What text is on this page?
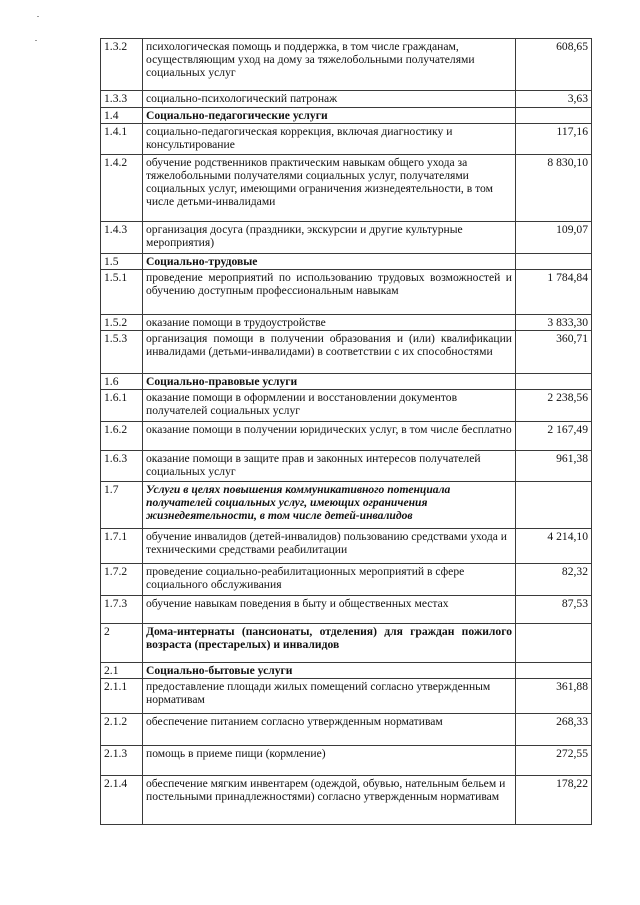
1.3.2	психологическая помощь и поддержка, в том числе гражданам, осуществляющим уход на дому за тяжелобольными получателями социальных услуг	608,65
1.3.3	социально-психологический патронаж	3,63
1.4	Социально-педагогические услуги	
1.4.1	социально-педагогическая коррекция, включая диагностику и консультирование	117,16
1.4.2	обучение родственников практическим навыкам общего ухода за тяжелобольными получателями социальных услуг, получателями социальных услуг, имеющими ограничения жизнедеятельности, в том числе детьми-инвалидами	8 830,10
1.4.3	организация досуга (праздники, экскурсии и другие культурные мероприятия)	109,07
1.5	Социально-трудовые	
1.5.1	проведение мероприятий по использованию трудовых возможностей и обучению доступным профессиональным навыкам	1 784,84
1.5.2	оказание помощи в трудоустройстве	3 833,30
1.5.3	организация помощи в получении образования и (или) квалификации инвалидами (детьми-инвалидами) в соответствии с их способностями	360,71
1.6	Социально-правовые услуги	
1.6.1	оказание помощи в оформлении и восстановлении документов получателей социальных услуг	2 238,56
1.6.2	оказание помощи в получении юридических услуг, в том числе бесплатно	2 167,49
1.6.3	оказание помощи в защите прав и законных интересов получателей социальных услуг	961,38
1.7	Услуги в целях повышения коммуникативного потенциала получателей социальных услуг, имеющих ограничения жизнедеятельности, в том числе детей-инвалидов	
1.7.1	обучение инвалидов (детей-инвалидов) пользованию средствами ухода и техническими средствами реабилитации	4 214,10
1.7.2	проведение социально-реабилитационных мероприятий в сфере социального обслуживания	82,32
1.7.3	обучение навыкам поведения в быту и общественных местах	87,53
2	Дома-интернаты (пансионаты, отделения) для граждан пожилого возраста (престарелых) и инвалидов	
2.1	Социально-бытовые услуги	
2.1.1	предоставление площади жилых помещений согласно утвержденным нормативам	361,88
2.1.2	обеспечение питанием согласно утвержденным нормативам	268,33
2.1.3	помощь в приеме пищи (кормление)	272,55
2.1.4	обеспечение мягким инвентарем (одеждой, обувью, нательным бельем и постельными принадлежностями) согласно утвержденным нормативам	178,22
